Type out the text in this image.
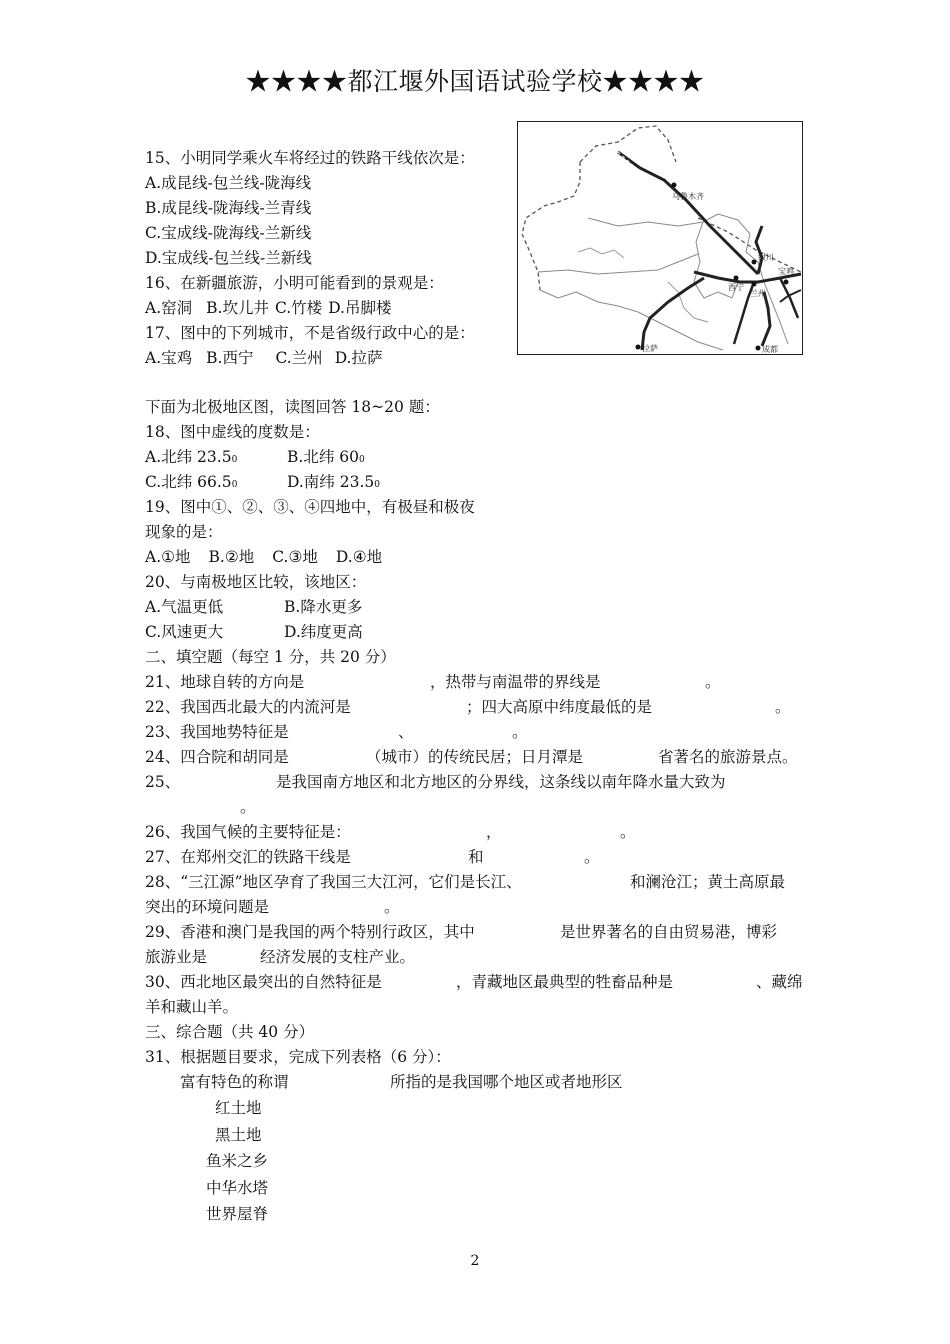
★★★★都江堰外国语试验学校★★★★
乌鲁木齐
银川
宝鸡
西宁
兰州
拉萨	成都
15、小明同学乘火车将经过的铁路干线依次是：
A.成昆线-包兰线-陇海线
B.成昆线-陇海线-兰青线
C.宝成线-陇海线-兰新线
D.宝成线-包兰线-兰新线
16、在新疆旅游，小明可能看到的景观是：
A.窑洞 B.坎儿井 C.竹楼 D.吊脚楼
17、图中的下列城市，不是省级行政中心的是：
A.宝鸡 B.西宁 C.兰州 D.拉萨
下面为北极地区图，读图回答 18~20 题：
18、图中虚线的度数是：
A.北纬 23.50	B.北纬 600
C.北纬 66.50	D.南纬 23.50
19、图中①、②、③、④四地中，有极昼和极夜
现象的是：
A.①地 B.②地 C.③地 D.④地
20、与南极地区比较，该地区：
A.气温更低	B.降水更多
C.风速更大	D.纬度更高
二、填空题（每空 1 分，共 20 分）
21、地球自转的方向是	，热带与南温带的界线是	。
22、我国西北最大的内流河是	；四大高原中纬度最低的是	。
23、我国地势特征是	、	。
24、四合院和胡同是	（城市）的传统民居；日月潭是	省著名的旅游景点。
25、	是我国南方地区和北方地区的分界线，这条线以南年降水量大致为
。
26、我国气候的主要特征是：	，	。
27、在郑州交汇的铁路干线是	和	。
28、“三江源”地区孕育了我国三大江河，它们是长江、	和澜沧江；黄土高原最
突出的环境问题是	。
29、香港和澳门是我国的两个特别行政区，其中	是世界著名的自由贸易港，博彩
旅游业是	经济发展的支柱产业。
30、西北地区最突出的自然特征是	，青藏地区最典型的牲畜品种是	、藏绵
羊和藏山羊。
三、综合题（共 40 分）
31、根据题目要求，完成下列表格（6 分）：
富有特色的称谓	所指的是我国哪个地区或者地形区
红土地
黑土地
鱼米之乡
中华水塔
世界屋脊
2
